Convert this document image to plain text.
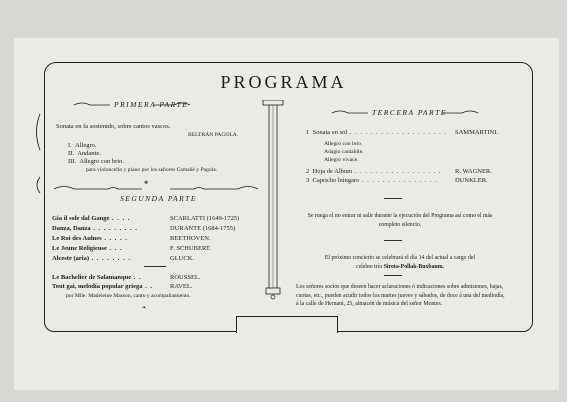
PROGRAMA
PRIMERA PARTE
Sonata en fa sostenido, sobre cantos vascos.
BELTRÁN PAGOLA.
I. Allegro.
II. Andante.
III. Allegro con brio.
para violoncello y piano por los señores Camañé y Pagola.
✥
SEGUNDA PARTE
Gia il sole dal Gange . . . .	SCARLATTI (1649-1725)
Danza, Danza . . . . . . . . .	DURANTE (1684-1755)
Le Roi des Aulnes . . . . .	BEETHOVEN.
Le Jeune Religieuse . . .	F. SCHUBERT.
Alceste (aria) . . . . . . . .	GLUCK.
Le Bachelier de Salamanque . .	ROUSSEL.
Tout gai, melodía popular griega . .	RAVEL.
por Mlle. Madeleine Masson, canto y acompañamiento.
❧
TERCERA PARTE
1 Sonata en sol . . . . . . . . . . . . . . . . . . . SAMMARTINI.
Allegro con brio.
Adagio cantabile.
Allegro vivace.
2 Hoja de Album . . . . . . . . . . . . . . . . . R. WAGNER.
3 Capricho húngaro . . . . . . . . . . . . . . .	DUNKLER.
Se ruega el no entrar ni salir durante la ejecución del Programa así como el más completo silencio.
El próximo concierto se celebrará el día 14 del actual a cargo del
celebre trío Sirota-Pollak-Buxbaum.
Los señores socios que deseen hacer aclaraciones ó indicaciones sobre admisiones, bajas, cuotas, etc., pueden acudir todos los martes jueves y sábados, de doce á una del mediodía, á la calle de Hernani, 25, almacén de música del señor Montes.
